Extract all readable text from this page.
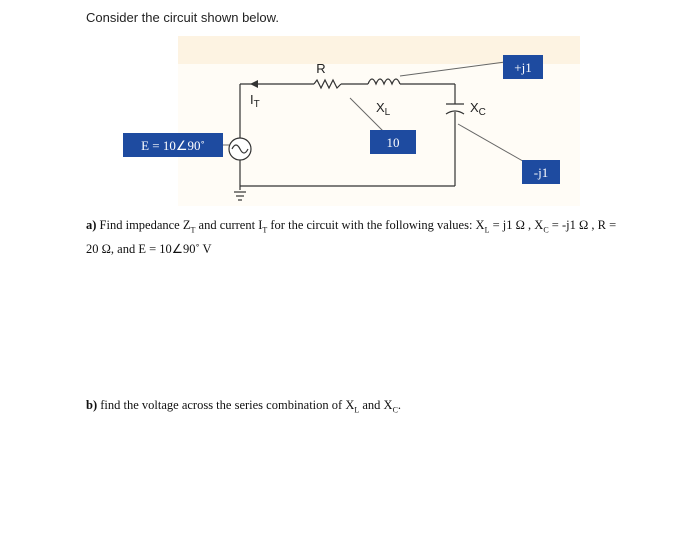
Consider the circuit shown below.
E = 10∠90˚
+j1
10
-j1
R
$X_L$	$X_C$
$I_T$
a) Find impedance $Z_T$ and current $I_T$ for the circuit with the following values: $X_L = j1$ Ω , $X_C = -j1$ Ω , R = 20 Ω, and E = 10∠90˚ V
b) find the voltage across the series combination of $X_L$ and $X_C$.
